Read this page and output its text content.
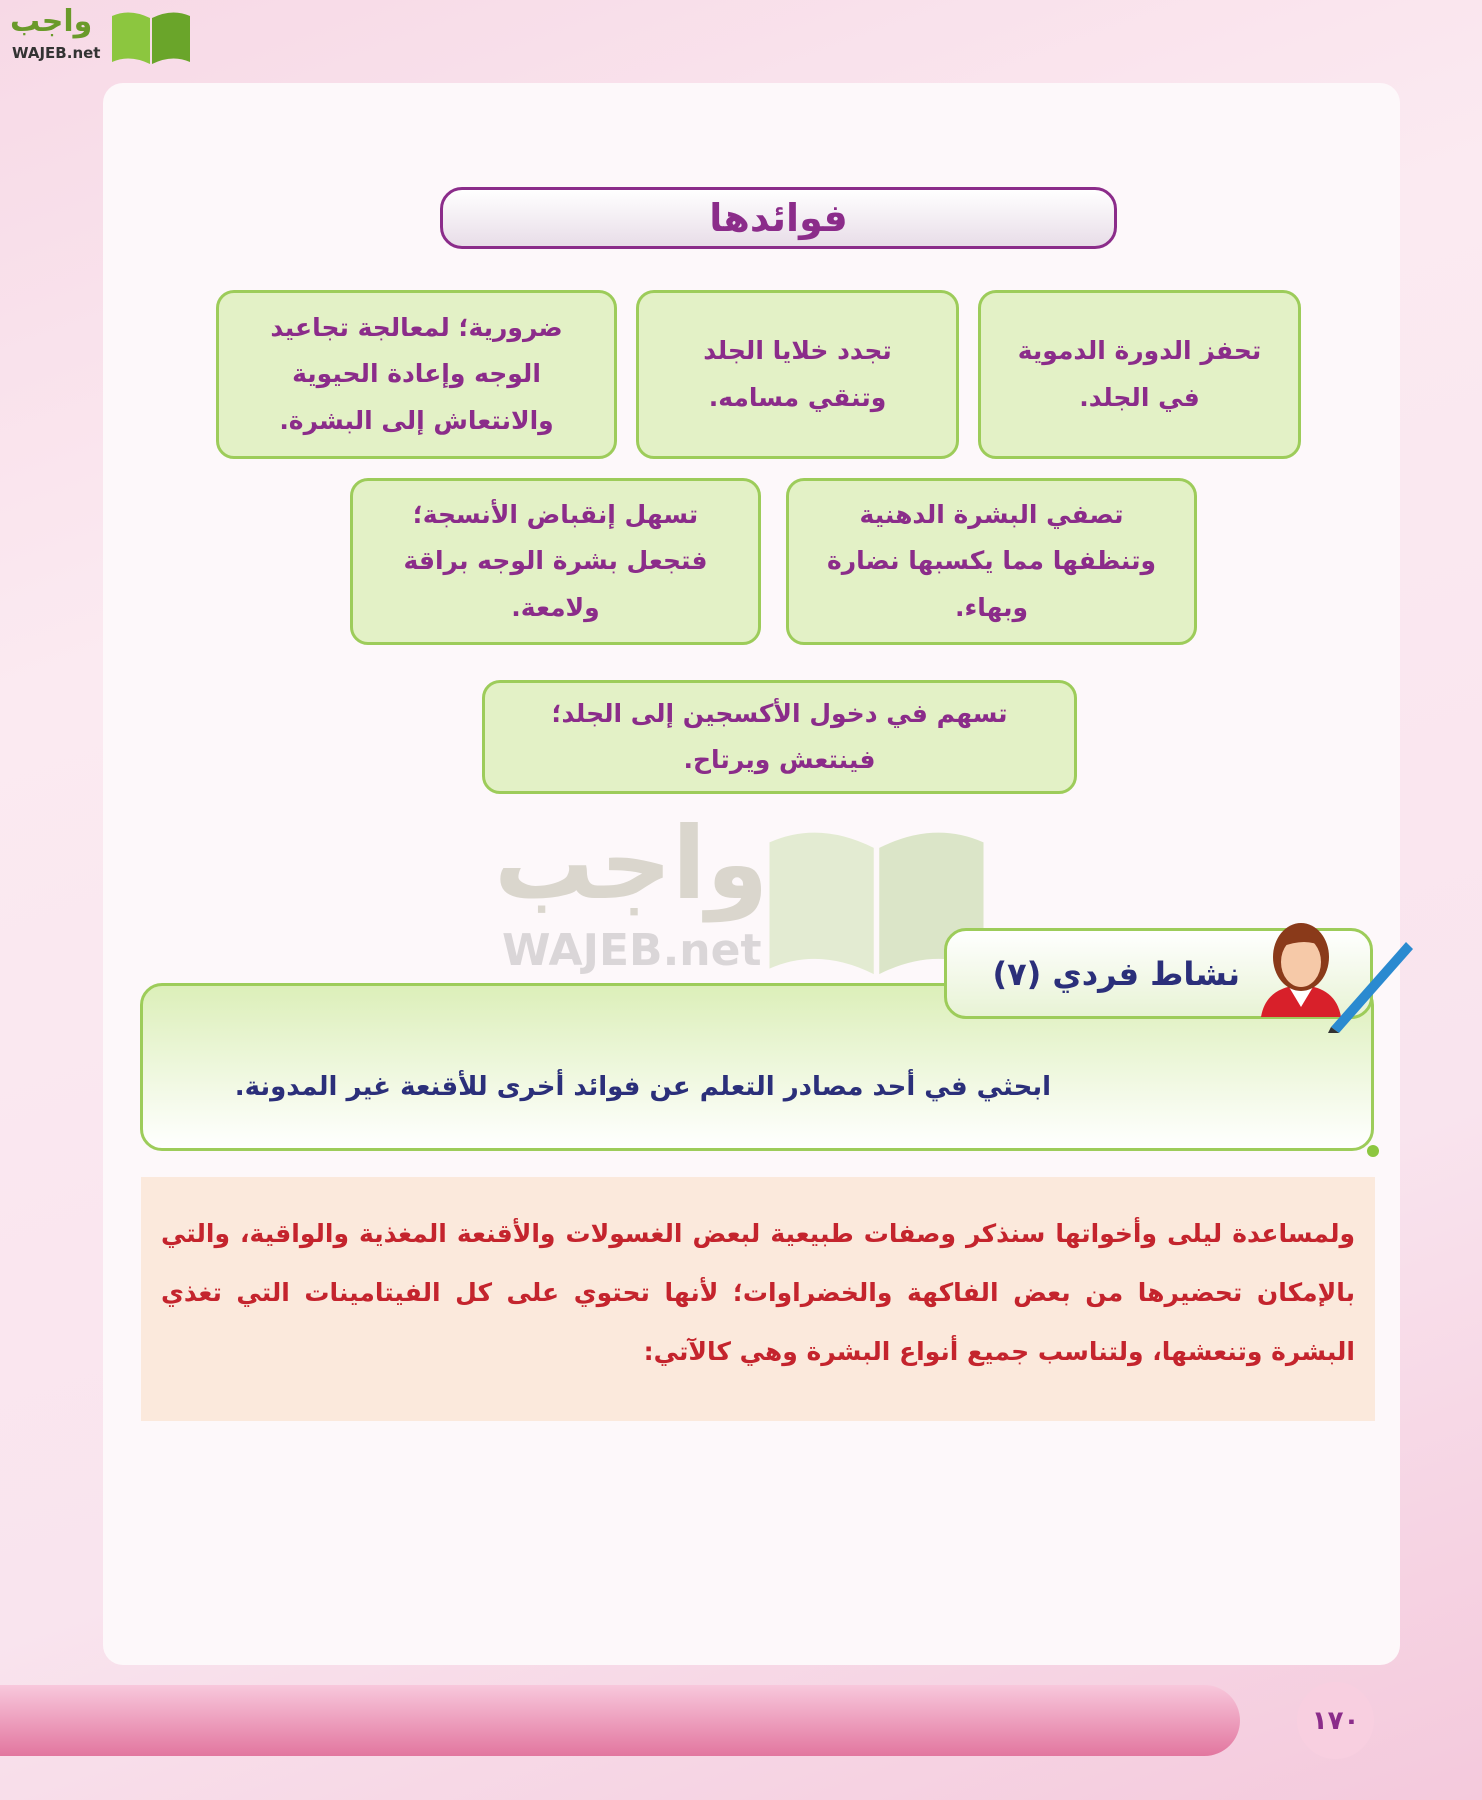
واجب
WAJEB.net
فوائدها
تحفز الدورة الدموية
في الجلد.
تجدد خلايا الجلد
وتنقي مسامه.
ضرورية؛ لمعالجة تجاعيد
الوجه وإعادة الحيوية
والانتعاش إلى البشرة.
تصفي البشرة الدهنية
وتنظفها مما يكسبها نضارة
وبهاء.
تسهل إنقباض الأنسجة؛
فتجعل بشرة الوجه براقة
ولامعة.
تسهم في دخول الأكسجين إلى الجلد؛
فينتعش ويرتاح.
واجب
WAJEB.net
ابحثي في أحد مصادر التعلم عن فوائد أخرى للأقنعة غير المدونة.
نشاط فردي (٧)
ولمساعدة ليلى وأخواتها سنذكر وصفات طبيعية لبعض الغسولات والأقنعة المغذية والواقية، والتي بالإمكان تحضيرها من بعض الفاكهة والخضراوات؛ لأنها تحتوي على كل الفيتامينات التي تغذي البشرة وتنعشها، ولتناسب جميع أنواع البشرة وهي كالآتي:
١٧٠
